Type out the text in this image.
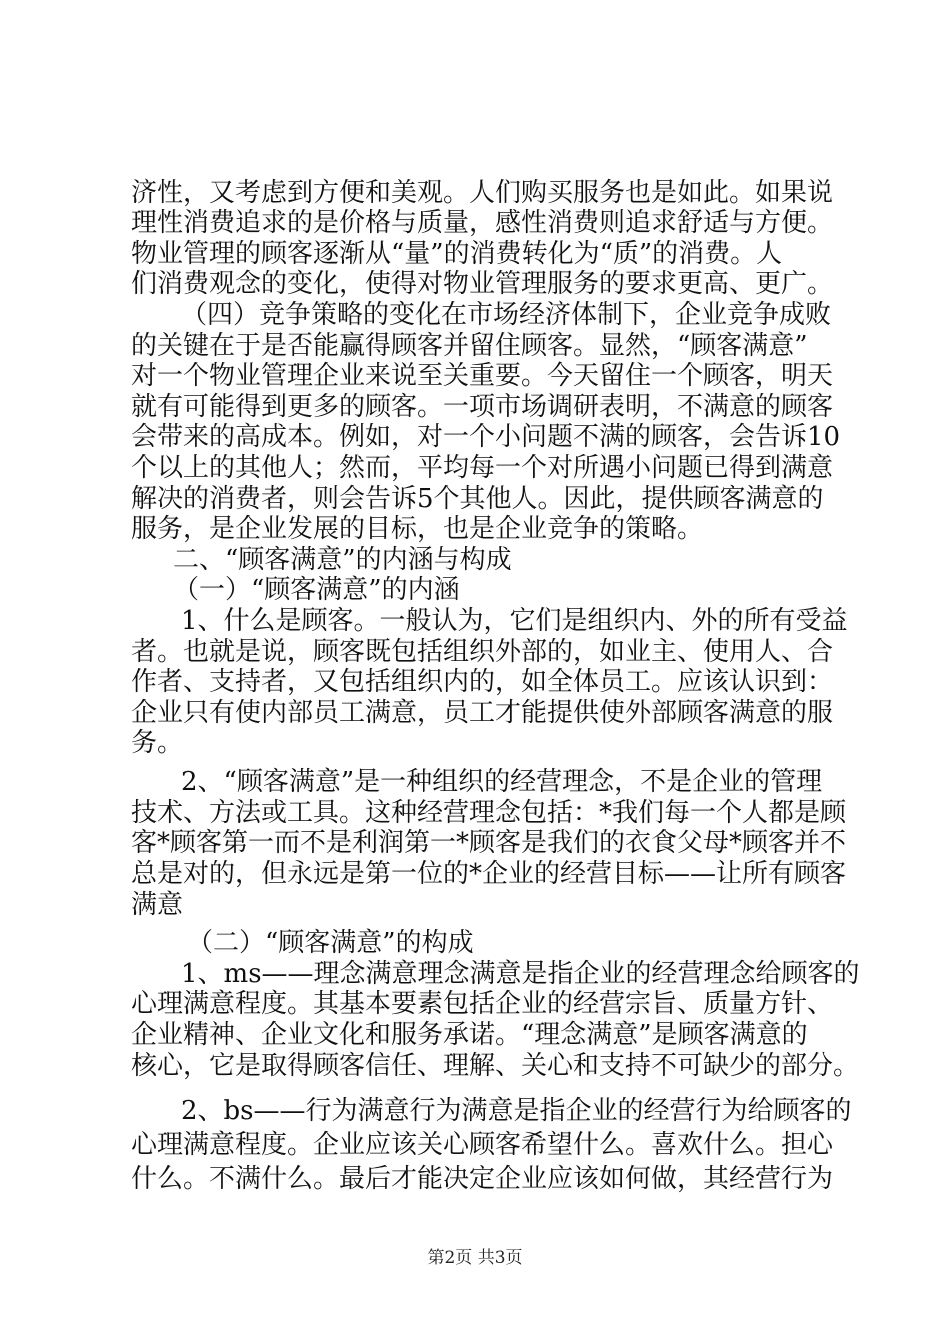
济性，又考虑到方便和美观。人们购买服务也是如此。如果说
理性消费追求的是价格与质量，感性消费则追求舒适与方便。
物业管理的顾客逐渐从“量”的消费转化为“质”的消费。人
们消费观念的变化，使得对物业管理服务的要求更高、更广。
（四）竞争策略的变化在市场经济体制下，企业竞争成败
的关键在于是否能赢得顾客并留住顾客。显然，“顾客满意”
对一个物业管理企业来说至关重要。今天留住一个顾客，明天
就有可能得到更多的顾客。一项市场调研表明，不满意的顾客
会带来的高成本。例如，对一个小问题不满的顾客，会告诉10
个以上的其他人；然而，平均每一个对所遇小问题已得到满意
解决的消费者，则会告诉5个其他人。因此，提供顾客满意的
服务，是企业发展的目标，也是企业竞争的策略。
二、“顾客满意”的内涵与构成
（一）“顾客满意”的内涵
1、什么是顾客。一般认为，它们是组织内、外的所有受益
者。也就是说，顾客既包括组织外部的，如业主、使用人、合
作者、支持者，又包括组织内的，如全体员工。应该认识到：
企业只有使内部员工满意，员工才能提供使外部顾客满意的服
务。
2、“顾客满意”是一种组织的经营理念，不是企业的管理
技术、方法或工具。这种经营理念包括：*我们每一个人都是顾
客*顾客第一而不是利润第一*顾客是我们的衣食父母*顾客并不
总是对的，但永远是第一位的*企业的经营目标——让所有顾客
满意
（二）“顾客满意”的构成
1、ms——理念满意理念满意是指企业的经营理念给顾客的
心理满意程度。其基本要素包括企业的经营宗旨、质量方针、
企业精神、企业文化和服务承诺。“理念满意”是顾客满意的
核心，它是取得顾客信任、理解、关心和支持不可缺少的部分。
第2页 共3页
2、bs——行为满意行为满意是指企业的经营行为给顾客的
心理满意程度。企业应该关心顾客希望什么。喜欢什么。担心
什么。不满什么。最后才能决定企业应该如何做，其经营行为
